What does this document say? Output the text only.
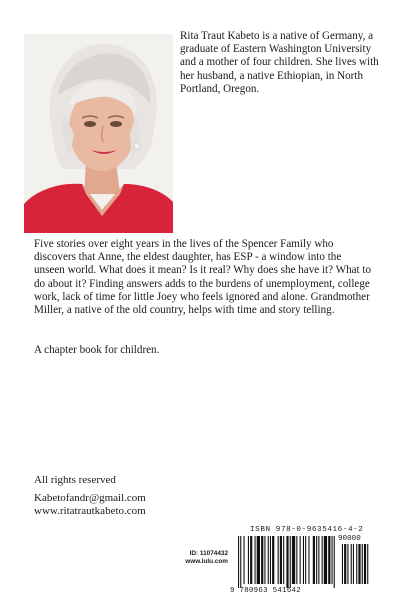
Rita Traut Kabeto is a native of Germany, a graduate of Eastern Washington University and a mother of four children. She lives with her husband, a native Ethiopian, in North Portland, Oregon.

Five stories over eight years in the lives of the Spencer Family who discovers that Anne, the eldest daughter, has ESP - a window into the unseen world. What does it mean? Is it real? Why does she have it? What to do about it? Finding answers adds to the burdens of unemployment, college work, lack of time for little Joey who feels ignored and alone. Grandmother Miller, a native of the old country, helps with time and story telling.

A chapter book for children.

All rights reserved

Kabetofandr@gmail.com
www.ritatrautkabeto.com
ID: 11074432
www.lulu.com
ISBN 978-0-9635416-4-2
90000
9 780963 541642
